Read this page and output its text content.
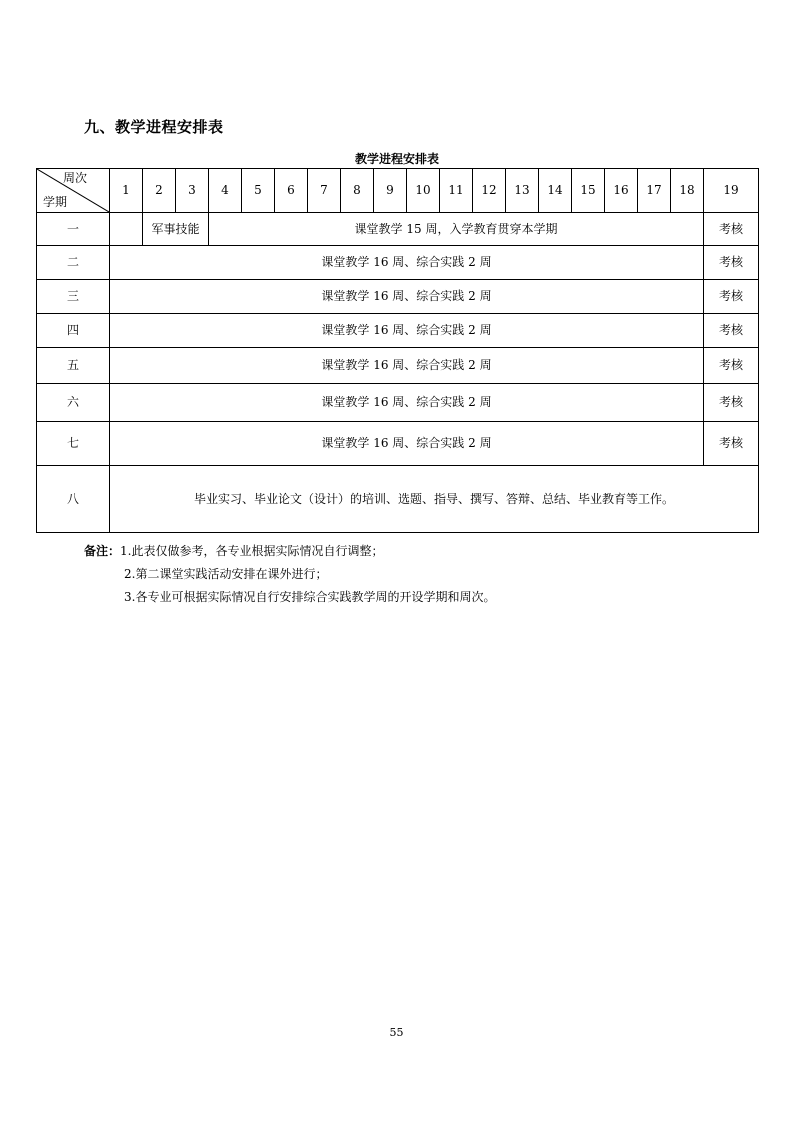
九、教学进程安排表
教学进程安排表
周次
学期	1	2	3	4	5	6	7	8	9	10	11	12	13	14	15	16	17	18	19
一		军事技能		课堂教学 15 周，入学教育贯穿本学期															考核
二	课堂教学 16 周、综合实践 2 周																		考核
三	课堂教学 16 周、综合实践 2 周																		考核
四	课堂教学 16 周、综合实践 2 周																		考核
五	课堂教学 16 周、综合实践 2 周																		考核
六	课堂教学 16 周、综合实践 2 周																		考核
七	课堂教学 16 周、综合实践 2 周																		考核
八	毕业实习、毕业论文（设计）的培训、选题、指导、撰写、答辩、总结、毕业教育等工作。																		
备注：1.此表仅做参考，各专业根据实际情况自行调整；
2.第二课堂实践活动安排在课外进行；
3.各专业可根据实际情况自行安排综合实践教学周的开设学期和周次。
55
